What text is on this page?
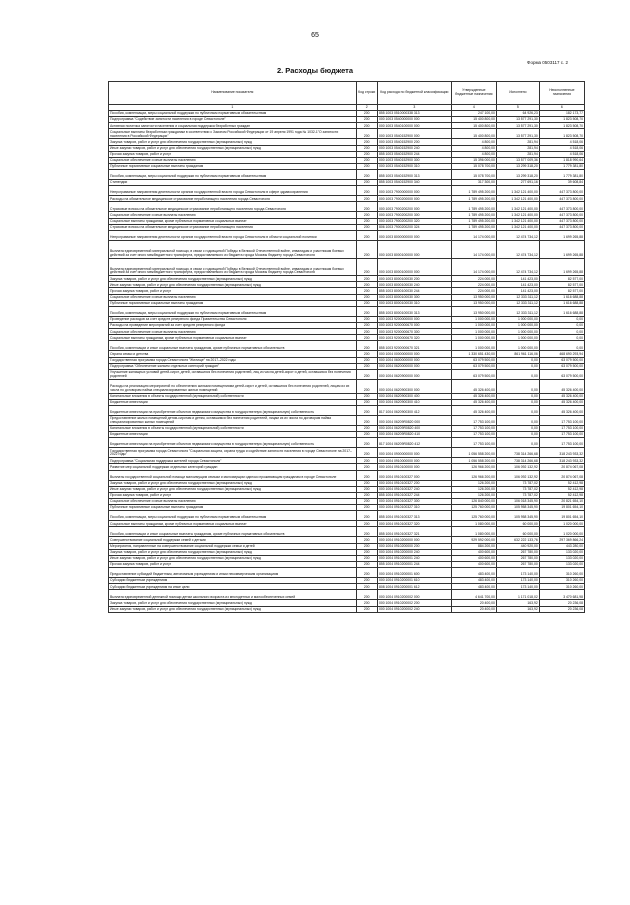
65
Форма 0503117 с. 2
2. Расходы бюджета
Наименование показателя	Код строки	Код расхода по бюджетной классификации	Утвержденные бюджетные назначения	Исполнено	Неисполненные назначения
1	2	3	4	5	6
Пособия, компенсации, меры социальной поддержки по публичным нормативным обязательствам	200	855 1003 0510000338 313	247 100,00	64 926,23	182 173,77
Подпрограмма "Содействие занятости населения в городе Севастополе"	200	000 1003 0540000000 000	15 400 800,00	13 577 291,30	1 823 508,70
Активная политика занятости населения и социальная поддержка безработных граждан	200	000 1003 0540100000 000	15 400 800,00	13 577 291,30	1 823 508,70
Социальные выплаты безработным гражданам в соответствии с Законом Российской Федерации от 19 апреля 1991 года № 1032-1"О занятости населения в Российской Федерации"	200	000 1003 0540152900 000	15 400 800,00	13 577 291,30	1 823 508,70
Закупка товаров, работ и услуг для обеспечения государственных (муниципальных) нужд	200	000 1003 0540152900 200	4 800,00	281,94	4 518,06
Иные закупки товаров, работ и услуг для обеспечения государственных (муниципальных) нужд	200	000 1003 0540152900 240	4 800,00	281,94	4 518,06
Прочая закупка товаров, работ и услуг	200	855 1003 0540152900 244	4 800,00	281,94	4 518,06
Социальное обеспечение и иные выплаты населению	200	000 1003 0540152900 300	15 396 000,00	13 577 009,36	1 818 990,64
Публичные нормативные социальные выплаты гражданам	200	000 1003 0540152900 310	15 078 700,00	13 299 318,20	1 779 381,80
Пособия, компенсации, меры социальной поддержки по публичным нормативным обязательствам	200	855 1003 0540152900 313	15 078 700,00	13 299 318,20	1 779 381,80
Стипендии	200	855 1003 0540152900 340	317 300,00	277 691,16	39 608,84
Непрограммные направления деятельности органов государственной власти города Севастополя в сфере здравоохранения	200	000 1003 7900000000 000	1 789 495 200,00	1 342 121 400,00	447 373 800,00
Расходы на обязательное медицинское страхование неработающего населения города Севастополя	200	000 1003 7900200000 000	1 789 495 200,00	1 342 121 400,00	447 373 800,00
Страховые взносы на обязательное медицинское страхование неработающего населения города Севастополя	200	000 1003 7900200200 000	1 789 495 200,00	1 342 121 400,00	447 373 800,00
Социальное обеспечение и иные выплаты населению	200	000 1003 7900200200 300	1 789 495 200,00	1 342 121 400,00	447 373 800,00
Социальные выплаты гражданам, кроме публичных нормативных социальных выплат	200	000 1003 7900200200 320	1 789 495 200,00	1 342 121 400,00	447 373 800,00
Страховые взносы на обязательное медицинское страхование неработающего населения	200	806 1003 7900200200 324	1 789 495 200,00	1 342 121 400,00	447 373 800,00
Непрограммные направления деятельности органов государственной власти города Севастополя в области социальной политики	200	000 1003 8000000000 000	14 174 000,00	12 474 734,12	1 699 265,88
Выплата единовременной материальной помощи, в связи с годовщиной Победы в Великой Отечественной войне, инвалидам и участникам боевых действий за счет иного межбюджетного трансферта, предоставляемого из бюджета города Москвы бюджету города Севастополя	200	000 1003 8000100000 000	14 174 000,00	12 474 734,12	1 699 265,88
Выплата единовременной материальной помощи, в связи с годовщиной Победы в Великой Отечественной войне, инвалидам и участникам боевых действий за счет иного межбюджетного трансферта, предоставляемого из бюджета города Москвы бюджету города Севастополя	200	000 1003 8000100000 000	14 174 000,00	12 474 734,12	1 699 265,88
Закупка товаров, работ и услуг для обеспечения государственных (муниципальных) нужд	200	000 1003 8000100030 200	224 000,00	141 423,00	82 577,00
Иные закупки товаров, работ и услуг для обеспечения государственных (муниципальных) нужд	200	000 1003 8000100030 240	224 000,00	141 423,00	82 577,00
Прочая закупка товаров, работ и услуг	200	855 1003 8000100030 244	224 000,00	141 423,00	82 577,00
Социальное обеспечение и иные выплаты населению	200	000 1003 8000100030 300	13 950 000,00	12 333 311,12	1 616 688,88
Публичные нормативные социальные выплаты гражданам	200	000 1003 8000100030 310	13 950 000,00	12 333 311,12	1 616 688,88
Пособия, компенсации, меры социальной поддержки по публичным нормативным обязательствам	200	855 1003 8000100030 313	13 950 000,00	12 333 311,12	1 616 688,88
Проведение расходов за счет средств резервного фонда Правительства Севастополя	200	000 1003 9200000000 000	1 000 000,00	1 000 000,00	0,00
Расходы на проведение мероприятий за счет средств резервного фонда	200	000 1003 9200000670 000	1 000 000,00	1 000 000,00	0,00
Социальное обеспечение и иные выплаты населению	200	000 1003 9200000670 300	1 000 000,00	1 000 000,00	0,00
Социальные выплаты гражданам, кроме публичных нормативных социальных выплат	200	000 1003 9200000670 320	1 000 000,00	1 000 000,00	0,00
Пособия, компенсации и иные социальные выплаты гражданам, кроме публичных нормативных обязательств	200	855 1003 9200000670 321	1 000 000,00	1 000 000,00	0,00
Охрана семьи и детства	200	000 1004 0000000000 000	1 330 651 430,00	861 961 116,06	468 690 293,94
Государственная программа города Севастополя "Жилище" на 2017–2022 годы	200	000 1004 0600000000 000	63 079 500,00	0,00	63 079 500,00
Подпрограмма "Обеспечение жильем отдельных категорий граждан"	200	000 1004 0620000000 000	63 079 500,00	0,00	63 079 500,00
Улучшение жилищных условий детей-сирот, детей, оставшихся без попечения родителей, лиц из числа детей-сирот и детей, оставшихся без попечения родителей	200	000 1004 0620900000 000	63 079 500,00	0,00	63 079 500,00
Расходы на реализацию мероприятий по обеспечению жилыми помещениями детей-сирот и детей, оставшихся без попечения родителей, лицам из их числа по договорам найма специализированных жилых помещений	200	000 1004 0620900300 000	45 326 400,00	0,00	45 326 400,00
Капитальные вложения в объекты государственной (муниципальной) собственности	200	000 1004 0620900300 400	45 326 400,00	0,00	45 326 400,00
Бюджетные инвестиции	200	000 1004 0620900300 410	45 326 400,00	0,00	45 326 400,00
Бюджетные инвестиции на приобретение объектов недвижимого имущества в государственную (муниципальную) собственность	200	817 1004 0620900300 412	45 326 400,00	0,00	45 326 400,00
Предоставление жилых помещений детям-сиротам и детям, оставшимся без попечения родителей, лицам из их числа по договорам найма специализированных жилых помещений	200	000 1004 06209R0820 000	17 753 100,00	0,00	17 753 100,00
Капитальные вложения в объекты государственной (муниципальной) собственности	200	000 1004 06209R0820 400	17 753 100,00	0,00	17 753 100,00
Бюджетные инвестиции	200	000 1004 06209R0820 410	17 753 100,00	0,00	17 753 100,00
Бюджетные инвестиции на приобретение объектов недвижимого имущества в государственную (муниципальную) собственность	200	817 1004 06209R0820 412	17 753 100,00	0,00	17 753 100,00
Государственная программа города Севастополя "Социальная защита, охрана труда и содействие занятости населения в городе Севастополе на 2017–2022 годы"	200	000 1004 0900000000 000	1 056 558 200,00	738 314 266,68	318 243 933,32
Подпрограмма "Социальная поддержка жителей города Севастополя"	200	000 1004 0910000000 000	1 056 558 200,00	738 314 266,68	318 243 933,32
Развитие мер социальной поддержки отдельных категорий граждан	200	000 1004 0910100000 000	126 966 200,00	106 092 132,92	20 874 067,08
Выплаты государственной социальной помощи малоимущим семьям и малоимущим одиноко проживающим гражданам в городе Севастополе	200	000 1004 0910100327 000	126 966 200,00	106 092 132,92	20 874 067,08
Закупка товаров, работ и услуг для обеспечения государственных (муниципальных) нужд	200	000 1004 0910100327 200	126 200,00	73 787,02	52 412,98
Иные закупки товаров, работ и услуг для обеспечения государственных (муниципальных) нужд	200	000 1004 0910100327 240	126 200,00	73 787,02	52 412,98
Прочая закупка товаров, работ и услуг	200	855 1004 0910100327 244	126 200,00	73 787,02	52 412,98
Социальное обеспечение и иные выплаты населению	200	000 1004 0910100327 300	126 840 000,00	106 018 345,90	20 821 654,10
Публичные нормативные социальные выплаты гражданам	200	000 1004 0910100327 310	125 760 000,00	105 958 345,90	19 801 654,10
Пособия, компенсации, меры социальной поддержки по публичным нормативным обязательствам	200	855 1004 0910100327 313	125 760 000,00	105 958 345,90	19 801 654,10
Социальные выплаты гражданам, кроме публичных нормативных социальных выплат	200	000 1004 0910100327 320	1 080 000,00	60 000,00	1 020 000,00
Пособия, компенсации и иные социальные выплаты гражданам, кроме публичных нормативных обязательств	200	855 1004 0910100327 321	1 080 000,00	60 000,00	1 020 000,00
Совершенствование социальной поддержки семей с детьми	200	000 1004 0910200000 000	929 592 000,00	632 222 133,76	297 369 866,24
Мероприятия, направленные на совершенствование социальной поддержки семьи и детей	200	000 1004 0910200000 200	884 200,00	440 920,00	443 280,00
Закупка товаров, работ и услуг для обеспечения государственных (муниципальных) нужд	200	000 1004 0910200000 240	400 600,00	267 780,00	133 020,00
Иные закупки товаров, работ и услуг для обеспечения государственных (муниципальных) нужд	200	000 1004 0910200001 240	400 600,00	267 780,00	133 020,00
Прочая закупка товаров, работ и услуг	200	855 1004 0910200001 244	400 600,00	267 780,00	133 020,00
Предоставление субсидий бюджетным, автономным учреждениям и иным некоммерческим организациям	200	000 1004 0910200001 600	483 400,00	173 140,00	310 260,00
Субсидии бюджетным учреждениям	200	000 1004 0910200001 610	483 400,00	173 140,00	310 260,00
Субсидии бюджетным учреждениям на иные цели	200	808 1004 0910200001 612	483 400,00	173 140,00	310 260,00
Выплата единовременной денежной помощи детям школьного возраста из многодетных и малообеспеченных семей	200	000 1004 0910200002 000	4 641 700,00	1 171 018,02	3 470 681,98
Закупка товаров, работ и услуг для обеспечения государственных (муниципальных) нужд	200	000 1004 0910200002 200	20 400,00	163,92	20 236,08
Иные закупки товаров, работ и услуг для обеспечения государственных (муниципальных) нужд	200	000 1004 0910200002 240	20 400,00	163,92	20 236,08
